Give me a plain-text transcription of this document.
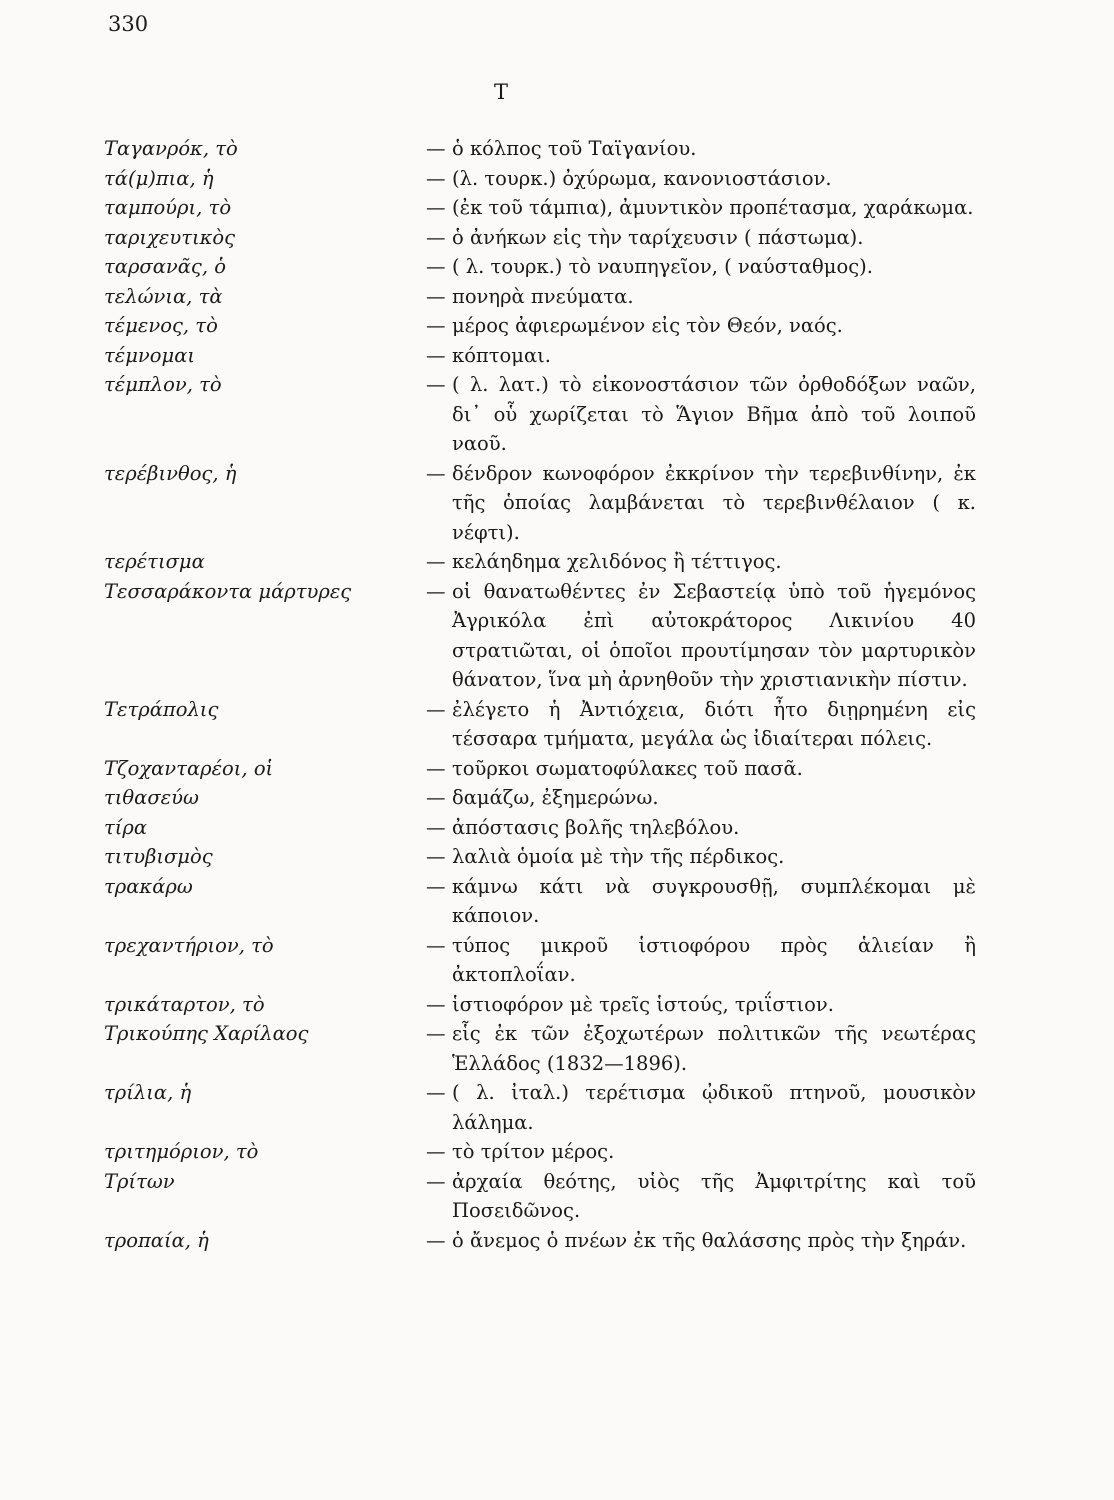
330
Τ
Ταγανρόκ, τὸ	— ὁ κόλπος τοῦ Ταϊγανίου.
τά(μ)πια, ἡ	— (λ. τουρκ.) ὀχύρωμα, κανονιοστάσιον.
ταμπούρι, τὸ	— (ἐκ τοῦ τάμπια), ἀμυντικὸν προπέτασμα, χαράκωμα.
ταριχευτικὸς	— ὁ ἀνήκων εἰς τὴν ταρίχευσιν ( πάστωμα).
ταρσανᾶς, ὁ	— ( λ. τουρκ.) τὸ ναυπηγεῖον, ( ναύσταθμος).
τελώνια, τὰ	— πονηρὰ πνεύματα.
τέμενος, τὸ	— μέρος ἀφιερωμένον εἰς τὸν Θεόν, ναός.
τέμνομαι	— κόπτομαι.
τέμπλον, τὸ	— ( λ. λατ.) τὸ εἰκονοστάσιον τῶν ὀρθοδόξων ναῶν, δι᾽ οὗ χωρίζεται τὸ Ἅγιον Βῆμα ἀπὸ τοῦ λοιποῦ ναοῦ.
τερέβινθος, ἡ	— δένδρον κωνοφόρον ἐκκρίνον τὴν τερεβινθίνην, ἐκ τῆς ὁποίας λαμβάνεται τὸ τερεβινθέλαιον ( κ. νέφτι).
τερέτισμα	— κελάηδημα χελιδόνος ἢ τέττιγος.
Τεσσαράκοντα μάρτυρες	— οἱ θανατωθέντες ἐν Σεβαστείᾳ ὑπὸ τοῦ ἡγεμόνος Ἀγρικόλα ἐπὶ αὐτοκράτορος Λικινίου 40 στρατιῶται, οἱ ὁποῖοι προυτίμησαν τὸν μαρτυρικὸν θάνατον, ἵνα μὴ ἀρνηθοῦν τὴν χριστιανικὴν πίστιν.
Τετράπολις	— ἐλέγετο ἡ Ἀντιόχεια, διότι ἦτο διῃρημένη εἰς τέσσαρα τμήματα, μεγάλα ὡς ἰδιαίτεραι πόλεις.
Τζοχανταρέοι, οἱ	— τοῦρκοι σωματοφύλακες τοῦ πασᾶ.
τιθασεύω	— δαμάζω, ἐξημερώνω.
τίρα	— ἀπόστασις βολῆς τηλεβόλου.
τιτυβισμὸς	— λαλιὰ ὁμοία μὲ τὴν τῆς πέρδικος.
τρακάρω	— κάμνω κάτι νὰ συγκρουσθῇ, συμπλέκομαι μὲ κάποιον.
τρεχαντήριον, τὸ	— τύπος μικροῦ ἱστιοφόρου πρὸς ἁλιείαν ἢ ἀκτοπλοΐαν.
τρικάταρτον, τὸ	— ἱστιοφόρον μὲ τρεῖς ἱστούς, τριΐστιον.
Τρικούπης Χαρίλαος	— εἷς ἐκ τῶν ἐξοχωτέρων πολιτικῶν τῆς νεωτέρας Ἑλλάδος (1832—1896).
τρίλια, ἡ	— ( λ. ἰταλ.) τερέτισμα ᾠδικοῦ πτηνοῦ, μουσικὸν λάλημα.
τριτημόριον, τὸ	— τὸ τρίτον μέρος.
Τρίτων	— ἀρχαία θεότης, υἱὸς τῆς Ἀμφιτρίτης καὶ τοῦ Ποσειδῶνος.
τροπαία, ἡ	— ὁ ἄνεμος ὁ πνέων ἐκ τῆς θαλάσσης πρὸς τὴν ξηράν.
